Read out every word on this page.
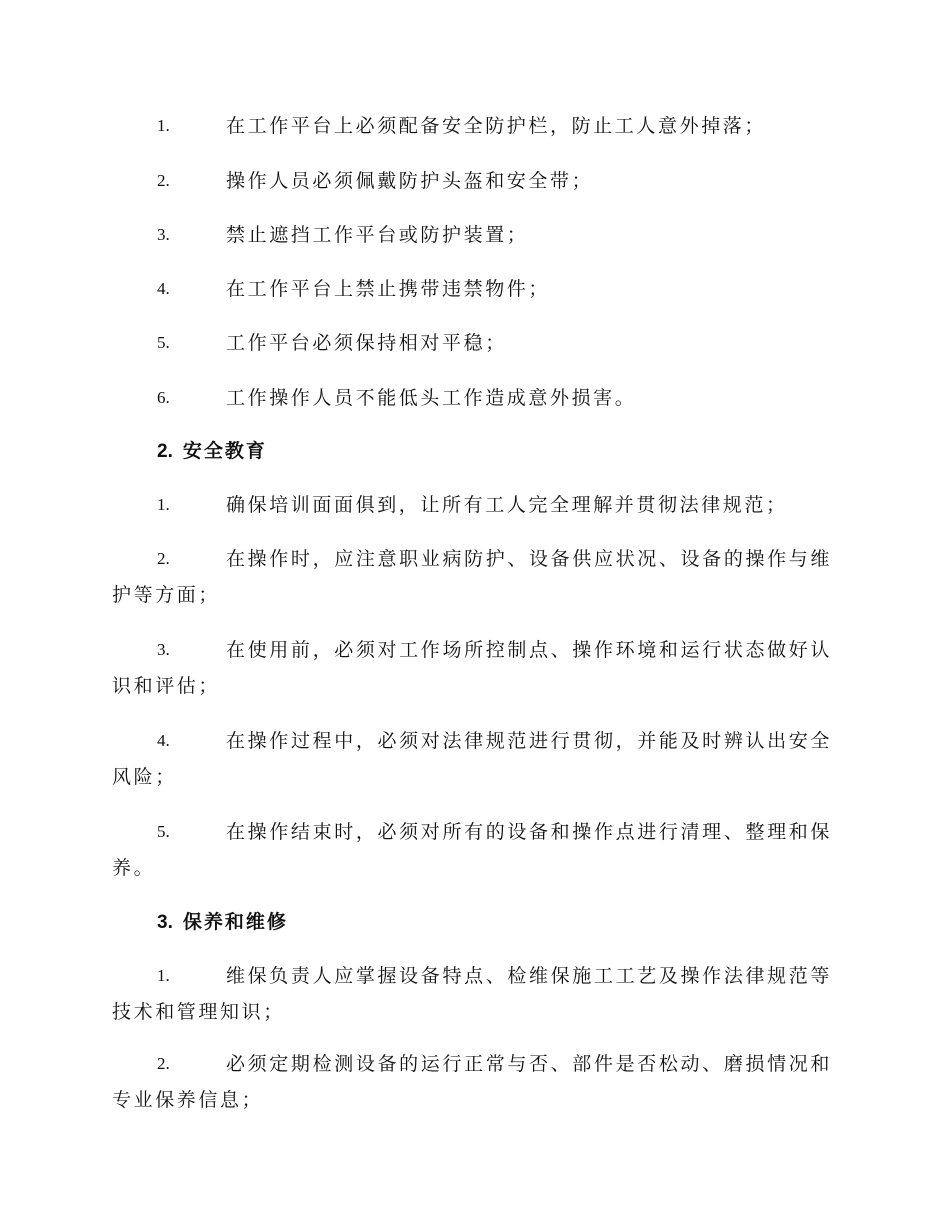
1.	在工作平台上必须配备安全防护栏，防止工人意外掉落；
2.	操作人员必须佩戴防护头盔和安全带；
3.	禁止遮挡工作平台或防护装置；
4.	在工作平台上禁止携带违禁物件；
5.	工作平台必须保持相对平稳；
6.	工作操作人员不能低头工作造成意外损害。
2. 安全教育
1.	确保培训面面俱到，让所有工人完全理解并贯彻法律规范；
2.	在操作时，应注意职业病防护、设备供应状况、设备的操作与维护等方面；
3.	在使用前，必须对工作场所控制点、操作环境和运行状态做好认识和评估；
4.	在操作过程中，必须对法律规范进行贯彻，并能及时辨认出安全风险；
5.	在操作结束时，必须对所有的设备和操作点进行清理、整理和保养。
3. 保养和维修
1.	维保负责人应掌握设备特点、检维保施工工艺及操作法律规范等技术和管理知识；
2.	必须定期检测设备的运行正常与否、部件是否松动、磨损情况和专业保养信息；
